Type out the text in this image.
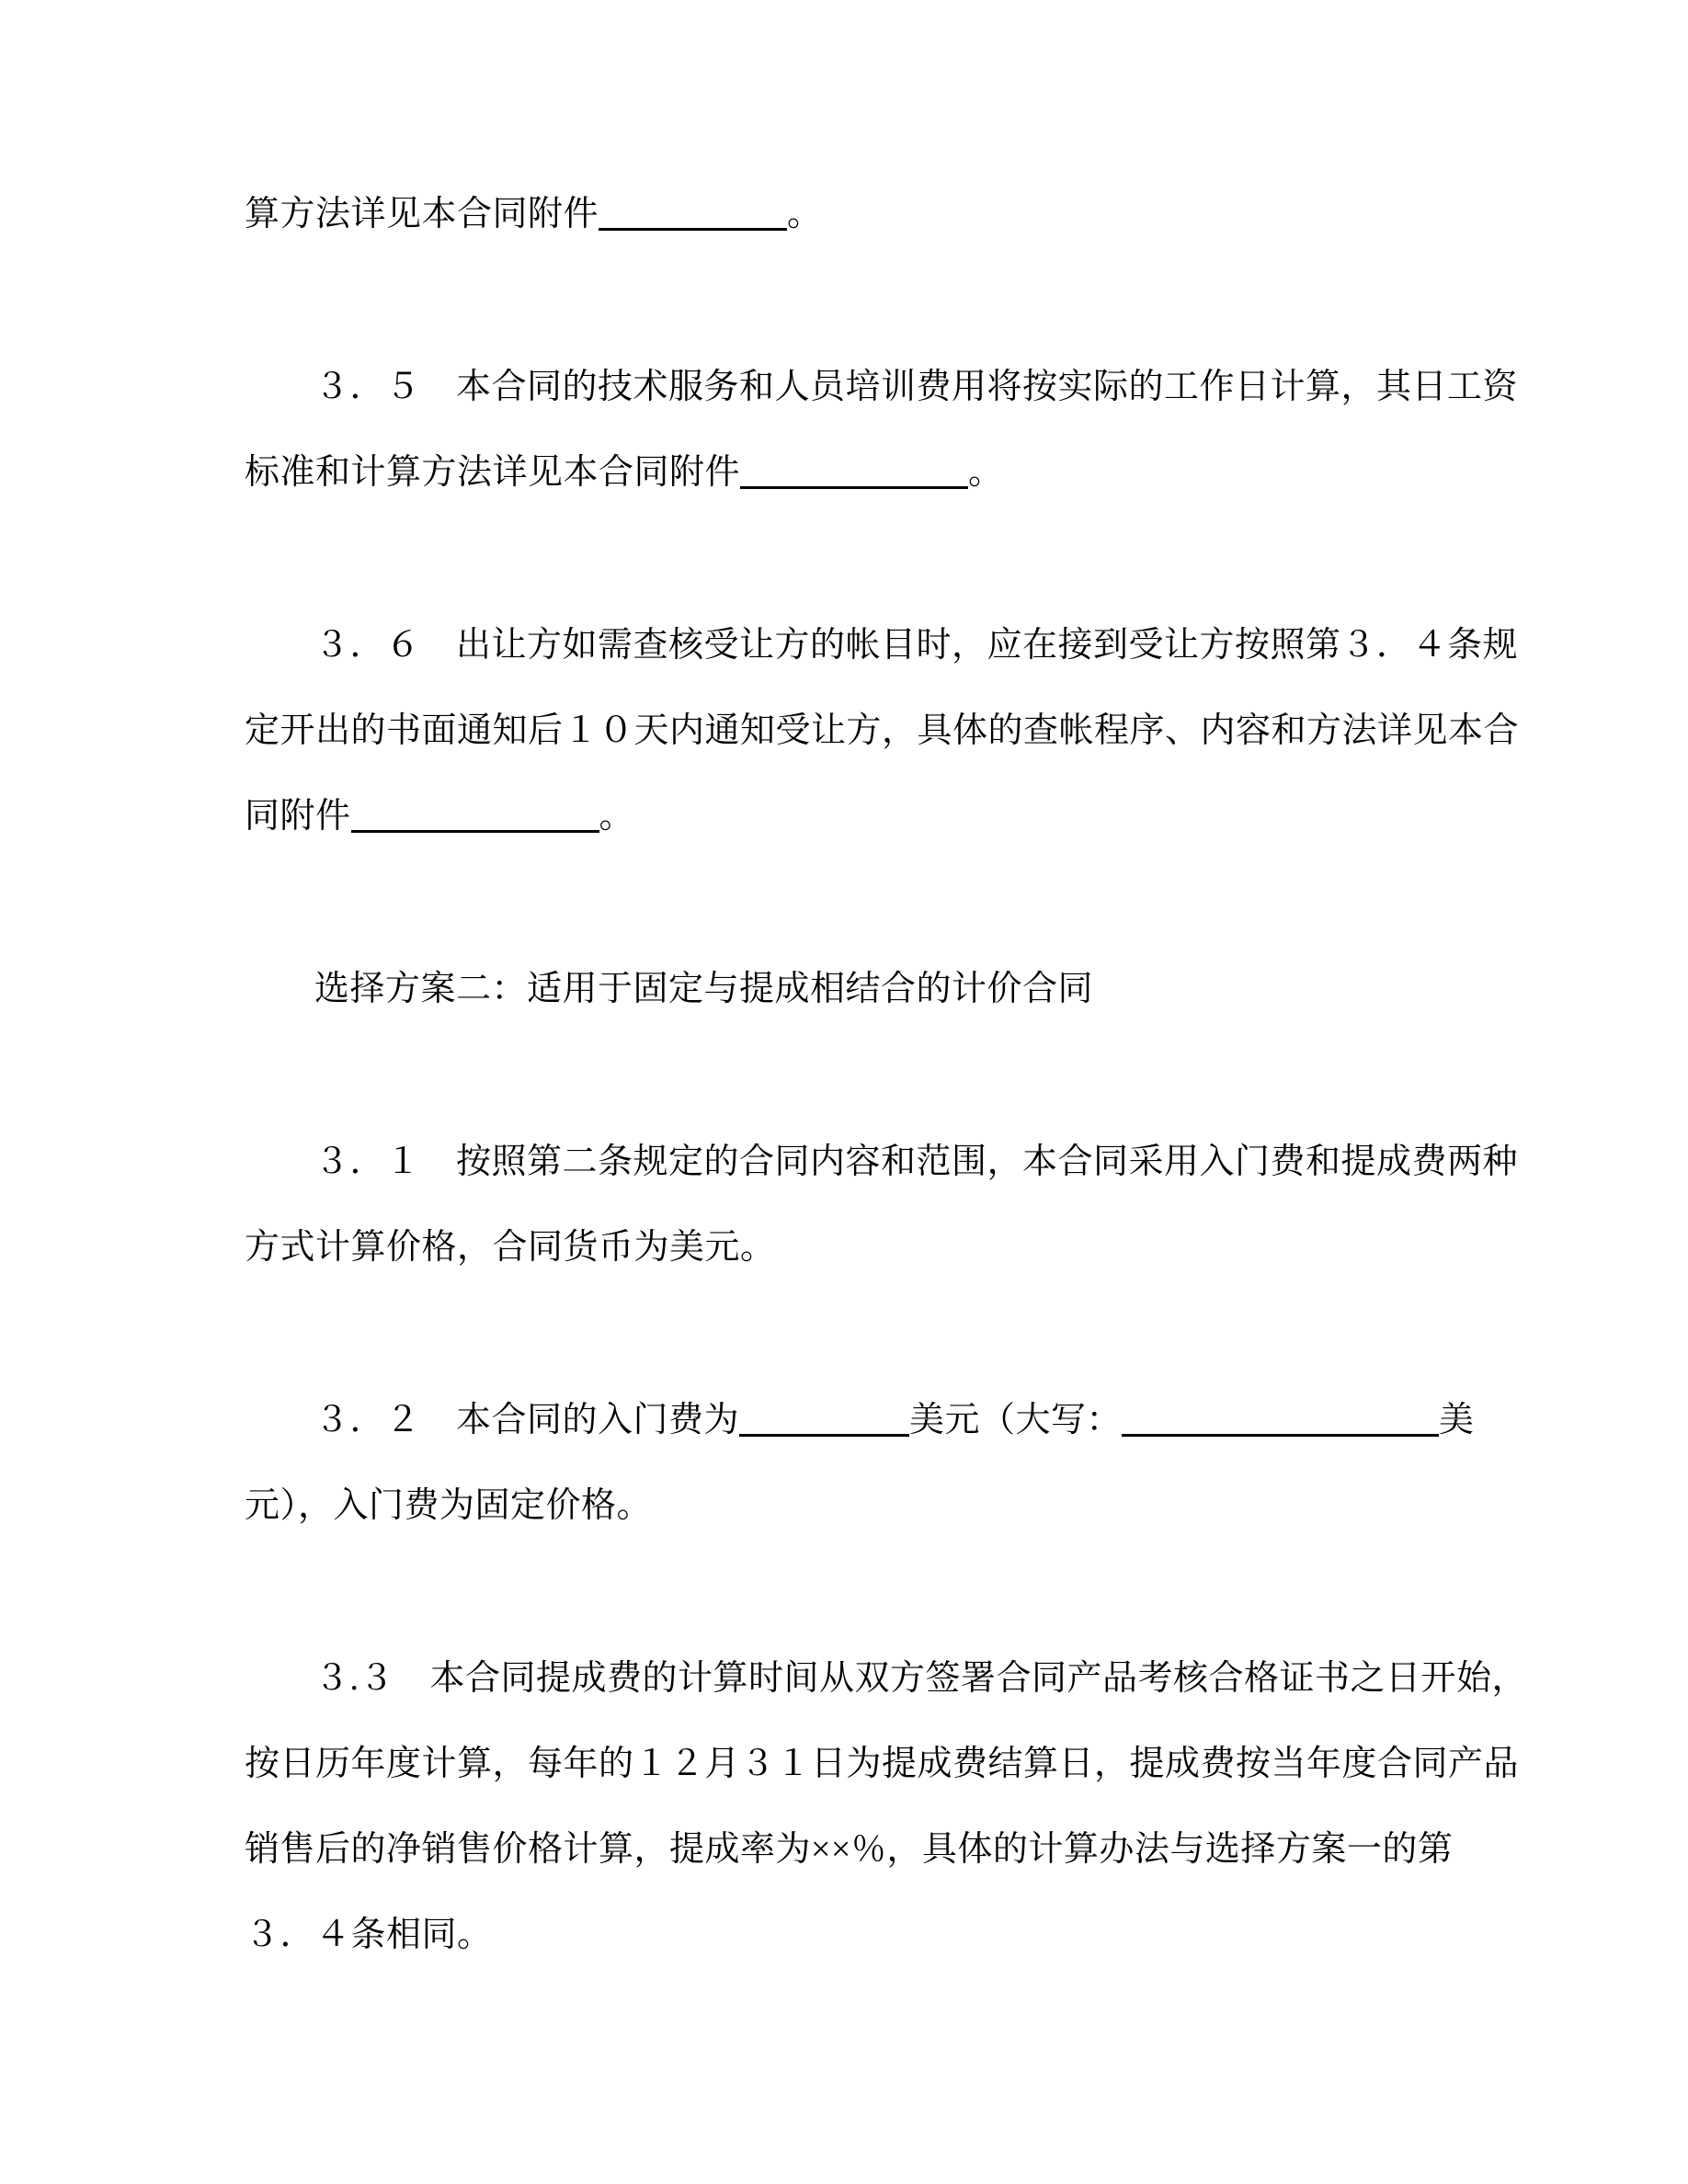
算方法详见本合同附件	。
３．５　本合同的技术服务和人员培训费用将按实际的工作日计算，其日工资
标准和计算方法详见本合同附件	。
３．６　出让方如需查核受让方的帐目时，应在接到受让方按照第３．４条规
定开出的书面通知后１０天内通知受让方，具体的查帐程序、内容和方法详见本合
同附件	。
选择方案二：适用于固定与提成相结合的计价合同
３．１　按照第二条规定的合同内容和范围，本合同采用入门费和提成费两种
方式计算价格，合同货币为美元。
３．２　本合同的入门费为	美元（大写：	美
元），入门费为固定价格。
３.３　本合同提成费的计算时间从双方签署合同产品考核合格证书之日开始，
按日历年度计算，每年的１２月３１日为提成费结算日，提成费按当年度合同产品
销售后的净销售价格计算，提成率为××％，具体的计算办法与选择方案一的第
３．４条相同。
